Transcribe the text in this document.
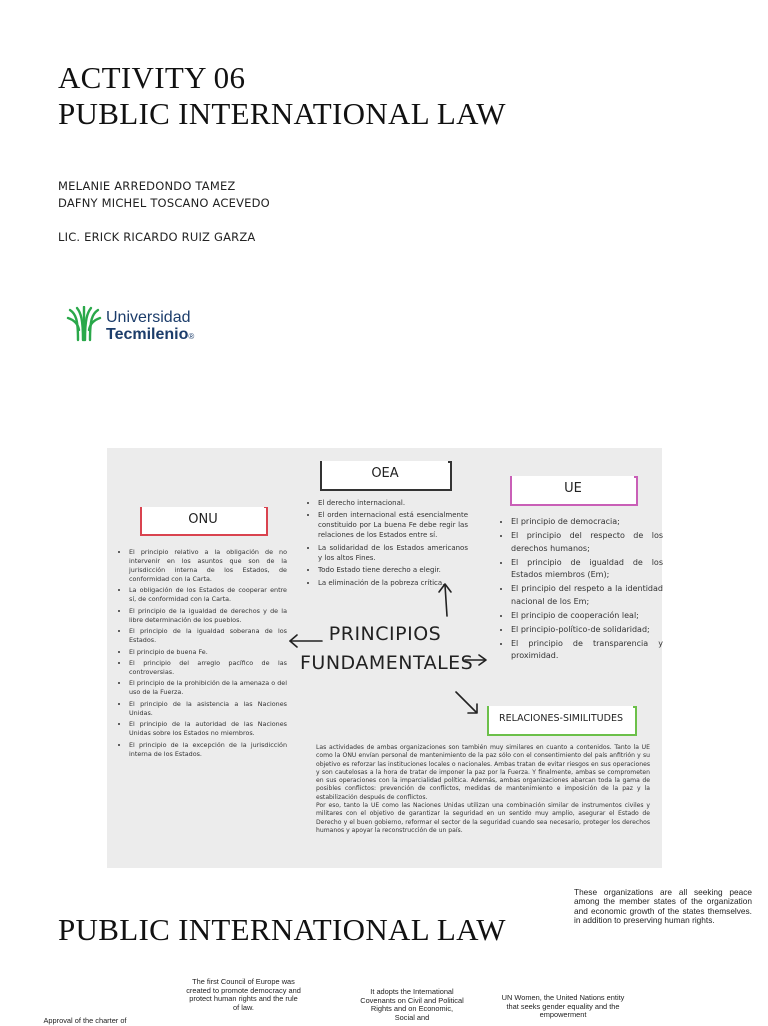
ACTIVITY 06
PUBLIC INTERNATIONAL LAW
MELANIE ARREDONDO TAMEZ
DAFNY MICHEL TOSCANO ACEVEDO
LIC. ERICK RICARDO RUIZ GARZA
Universidad
Tecmilenio®
ONU
• El principio relativo a la obligación de no intervenir en los asuntos que son de la jurisdicción interna de los Estados, de conformidad con la Carta.
• La obligación de los Estados de cooperar entre sí, de conformidad con la Carta.
• El principio de la igualdad de derechos y de la libre determinación de los pueblos.
• El principio de la igualdad soberana de los Estados.
• El principio de buena Fe.
• El principio del arreglo pacífico de las controversias.
• El principio de la prohibición de la amenaza o del uso de la Fuerza.
• El principio de la asistencia a las Naciones Unidas.
• El principio de la autoridad de las Naciones Unidas sobre los Estados no miembros.
• El principio de la excepción de la jurisdicción interna de los Estados.
OEA
• El derecho internacional.
• El orden internacional está esencialmente constituido por La buena Fe debe regir las relaciones de los Estados entre sí.
• La solidaridad de los Estados americanos y los altos Fines.
• Todo Estado tiene derecho a elegir.
• La eliminación de la pobreza crítica.
UE
• El principio de democracia;
• El principio del respecto de los derechos humanos;
• El principio de igualdad de los Estados miembros (Em);
• El principio del respeto a la identidad nacional de los Em;
• El principio de cooperación leal;
• El principio-político-de solidaridad;
• El principio de transparencia y proximidad.
PRINCIPIOS
FUNDAMENTALES
RELACIONES-SIMILITUDES

Las actividades de ambas organizaciones son también muy similares en cuanto a contenidos. Tanto la UE como la ONU envían personal de mantenimiento de la paz sólo con el consentimiento del país anfitrión y su objetivo es reforzar las instituciones locales o nacionales. Ambas tratan de evitar riesgos en sus operaciones y son cautelosas a la hora de tratar de imponer la paz por la Fuerza. Y finalmente, ambas se comprometen en sus operaciones con la imparcialidad política. Además, ambas organizaciones abarcan toda la gama de posibles conflictos: prevención de conflictos, medidas de mantenimiento e imposición de la paz y la estabilización después de conflictos.

Por eso, tanto la UE como las Naciones Unidas utilizan una combinación similar de instrumentos civiles y militares con el objetivo de garantizar la seguridad en un sentido muy amplio, asegurar el Estado de Derecho y el buen gobierno, reformar el sector de la seguridad cuando sea necesario, proteger los derechos humanos y apoyar la reconstrucción de un país.

PUBLIC INTERNATIONAL LAW
These organizations are all seeking peace among the member states of the organization and economic growth of the states themselves. in addition to preserving human rights.
Approval of the charter of
The first Council of Europe was created to promote democracy and protect human rights and the rule of law.
It adopts the International Covenants on Civil and Political Rights and on Economic, Social and
UN Women, the United Nations entity that seeks gender equality and the empowerment
